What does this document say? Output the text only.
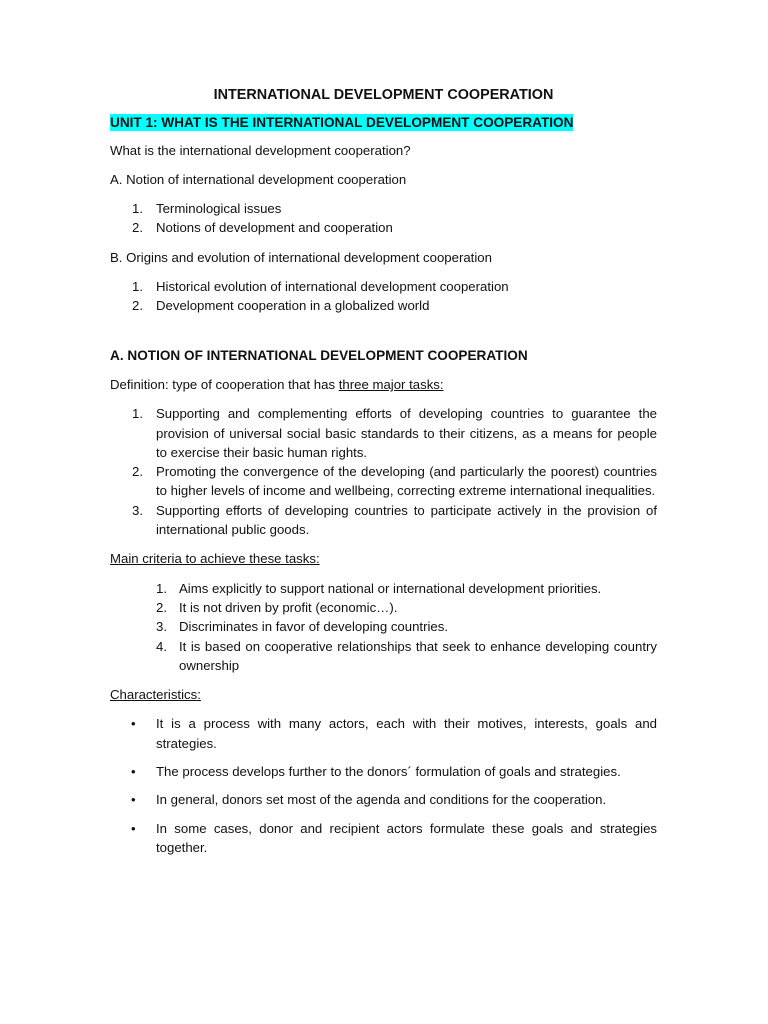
INTERNATIONAL DEVELOPMENT COOPERATION
UNIT 1: WHAT IS THE INTERNATIONAL DEVELOPMENT COOPERATION

What is the international development cooperation?

A. Notion of international development cooperation

1. Terminological issues
2. Notions of development and cooperation

B. Origins and evolution of international development cooperation

1. Historical evolution of international development cooperation
2. Development cooperation in a globalized world

A. NOTION OF INTERNATIONAL DEVELOPMENT COOPERATION

Definition: type of cooperation that has three major tasks:

1. Supporting and complementing efforts of developing countries to guarantee the provision of universal social basic standards to their citizens, as a means for people to exercise their basic human rights.
2. Promoting the convergence of the developing (and particularly the poorest) countries to higher levels of income and wellbeing, correcting extreme international inequalities.
3. Supporting efforts of developing countries to participate actively in the provision of international public goods.

Main criteria to achieve these tasks:

1. Aims explicitly to support national or international development priorities.
2. It is not driven by profit (economic…).
3. Discriminates in favor of developing countries.
4. It is based on cooperative relationships that seek to enhance developing country ownership

Characteristics:

• It is a process with many actors, each with their motives, interests, goals and strategies.
• The process develops further to the donors´ formulation of goals and strategies.
• In general, donors set most of the agenda and conditions for the cooperation.
• In some cases, donor and recipient actors formulate these goals and strategies together.
